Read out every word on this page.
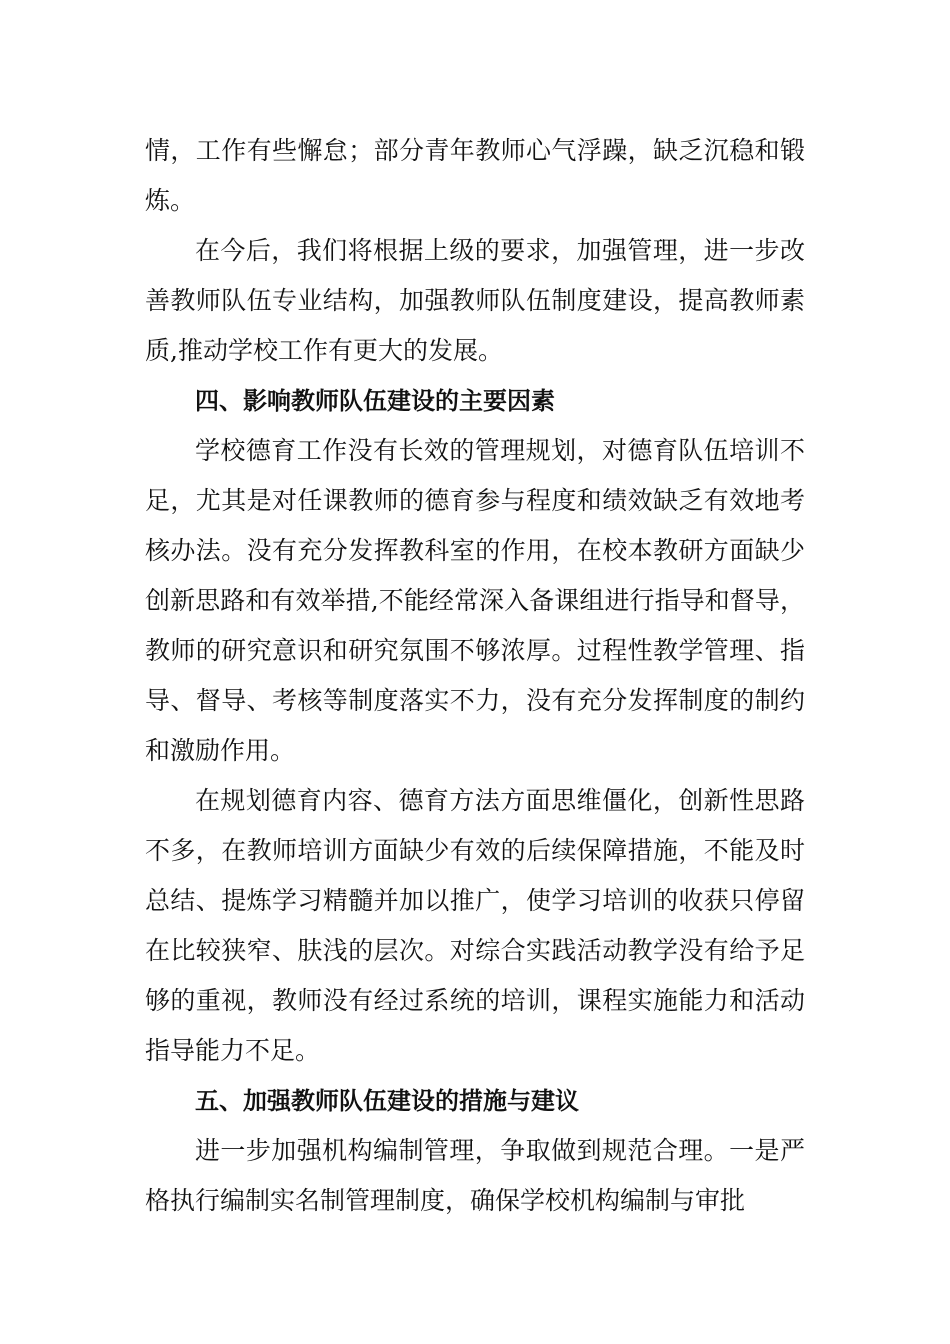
情，工作有些懈怠；部分青年教师心气浮躁，缺乏沉稳和锻炼。

在今后，我们将根据上级的要求，加强管理，进一步改善教师队伍专业结构，加强教师队伍制度建设，提高教师素质,推动学校工作有更大的发展。

四、影响教师队伍建设的主要因素

学校德育工作没有长效的管理规划，对德育队伍培训不足，尤其是对任课教师的德育参与程度和绩效缺乏有效地考核办法。没有充分发挥教科室的作用，在校本教研方面缺少创新思路和有效举措,不能经常深入备课组进行指导和督导，教师的研究意识和研究氛围不够浓厚。过程性教学管理、指导、督导、考核等制度落实不力，没有充分发挥制度的制约和激励作用。

在规划德育内容、德育方法方面思维僵化，创新性思路不多，在教师培训方面缺少有效的后续保障措施，不能及时总结、提炼学习精髓并加以推广，使学习培训的收获只停留在比较狭窄、肤浅的层次。对综合实践活动教学没有给予足够的重视，教师没有经过系统的培训，课程实施能力和活动指导能力不足。

五、加强教师队伍建设的措施与建议

进一步加强机构编制管理，争取做到规范合理。一是严格执行编制实名制管理制度，确保学校机构编制与审批
